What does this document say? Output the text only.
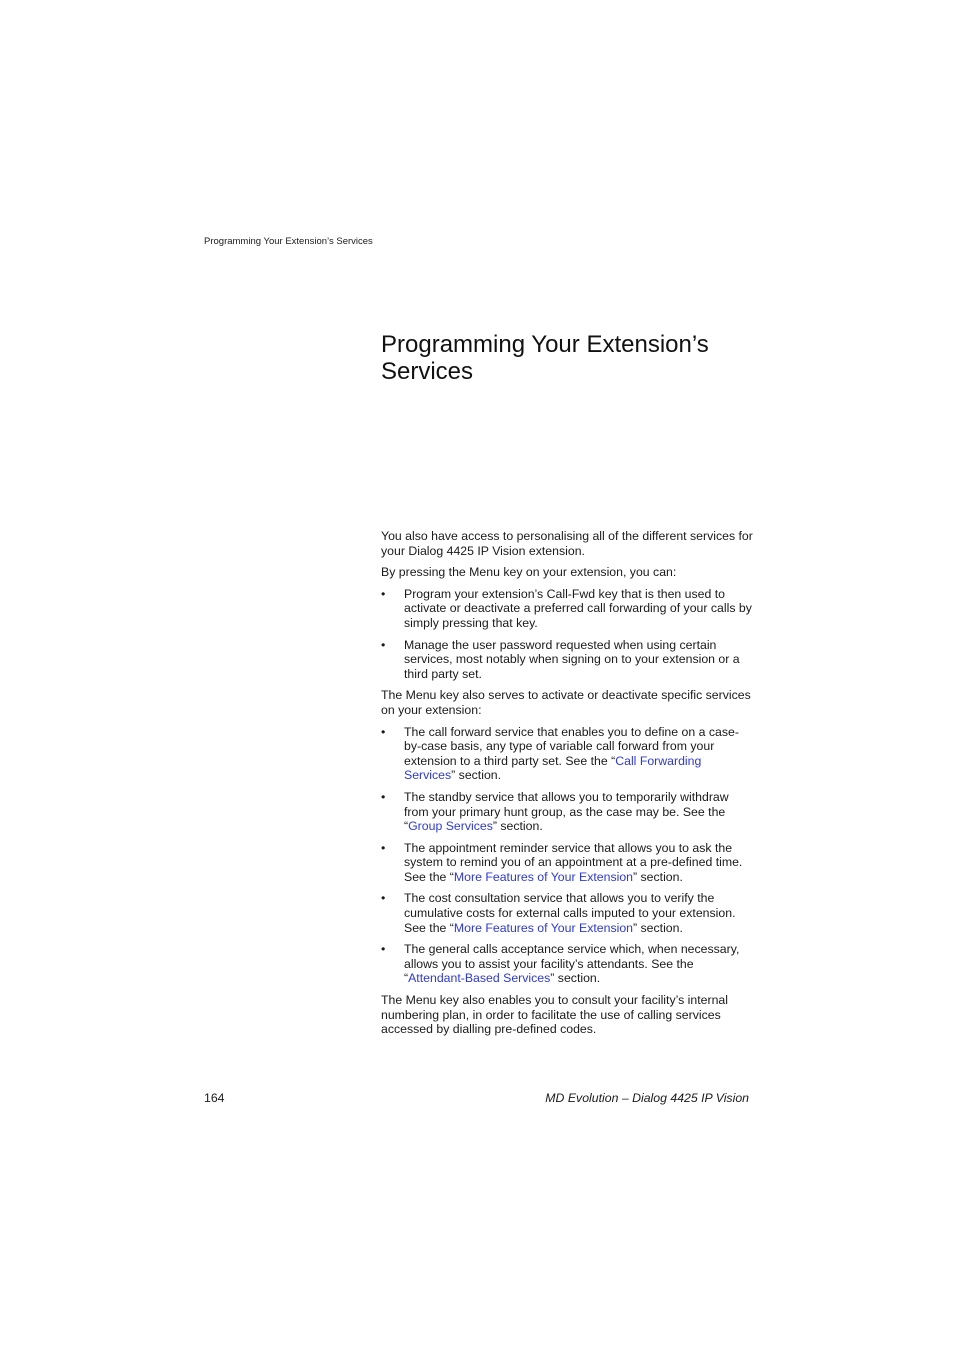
Programming Your Extension’s Services
Programming Your Extension’s
Services

You also have access to personalising all of the different services for your Dialog 4425 IP Vision extension.

By pressing the Menu key on your extension, you can:

• Program your extension’s Call-Fwd key that is then used to activate or deactivate a preferred call forwarding of your calls by simply pressing that key.
• Manage the user password requested when using certain services, most notably when signing on to your extension or a third party set.

The Menu key also serves to activate or deactivate specific services on your extension:

• The call forward service that enables you to define on a case-by-case basis, any type of variable call forward from your extension to a third party set. See the “Call Forwarding Services” section.
• The standby service that allows you to temporarily withdraw from your primary hunt group, as the case may be. See the “Group Services” section.
• The appointment reminder service that allows you to ask the system to remind you of an appointment at a pre-defined time. See the “More Features of Your Extension” section.
• The cost consultation service that allows you to verify the cumulative costs for external calls imputed to your extension. See the “More Features of Your Extension” section.
• The general calls acceptance service which, when necessary, allows you to assist your facility’s attendants. See the “Attendant-Based Services” section.

The Menu key also enables you to consult your facility’s internal numbering plan, in order to facilitate the use of calling services accessed by dialling pre-defined codes.

164	MD Evolution – Dialog 4425 IP Vision
